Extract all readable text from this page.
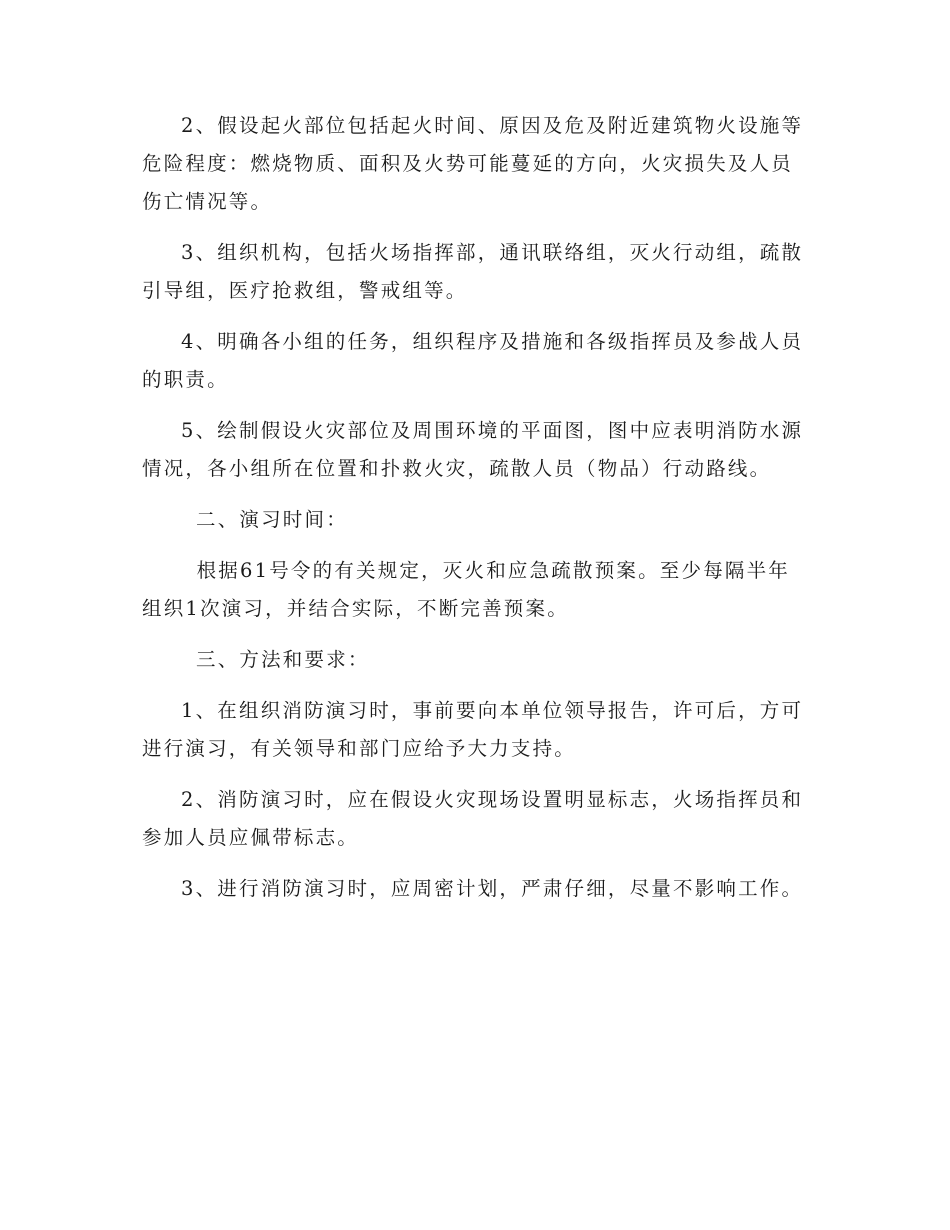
2、假设起火部位包括起火时间、原因及危及附近建筑物火设施等危险程度：燃烧物质、面积及火势可能蔓延的方向，火灾损失及人员伤亡情况等。

3、组织机构，包括火场指挥部，通讯联络组，灭火行动组，疏散引导组，医疗抢救组，警戒组等。

4、明确各小组的任务，组织程序及措施和各级指挥员及参战人员的职责。

5、绘制假设火灾部位及周围环境的平面图，图中应表明消防水源情况，各小组所在位置和扑救火灾，疏散人员（物品）行动路线。

二、演习时间：

根据61号令的有关规定，灭火和应急疏散预案。至少每隔半年组织1次演习，并结合实际，不断完善预案。

三、方法和要求：

1、在组织消防演习时，事前要向本单位领导报告，许可后，方可进行演习，有关领导和部门应给予大力支持。

2、消防演习时，应在假设火灾现场设置明显标志，火场指挥员和参加人员应佩带标志。

3、进行消防演习时，应周密计划，严肃仔细，尽量不影响工作。
